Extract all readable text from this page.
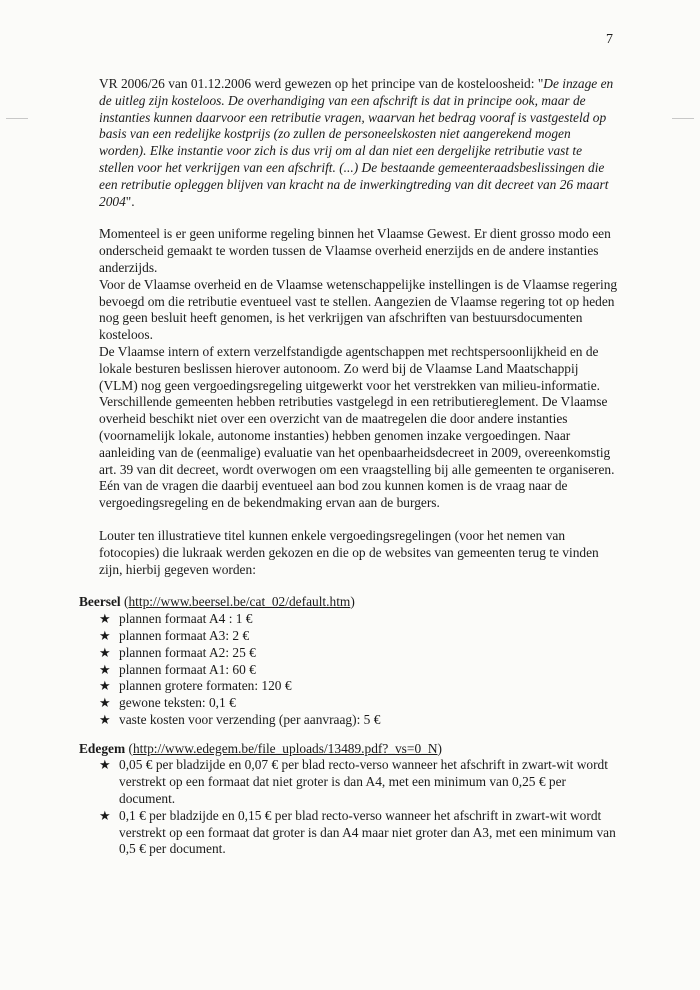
7

VR 2006/26 van 01.12.2006 werd gewezen op het principe van de kosteloosheid: "De inzage en de uitleg zijn kosteloos. De overhandiging van een afschrift is dat in principe ook, maar de instanties kunnen daarvoor een retributie vragen, waarvan het bedrag vooraf is vastgesteld op basis van een redelijke kostprijs (zo zullen de personeelskosten niet aangerekend mogen worden). Elke instantie voor zich is dus vrij om al dan niet een dergelijke retributie vast te stellen voor het verkrijgen van een afschrift. (...) De bestaande gemeenteraadsbeslissingen die een retributie opleggen blijven van kracht na de inwerkingtreding van dit decreet van 26 maart 2004".

Momenteel is er geen uniforme regeling binnen het Vlaamse Gewest. Er dient grosso modo een onderscheid gemaakt te worden tussen de Vlaamse overheid enerzijds en de andere instanties anderzijds.

Voor de Vlaamse overheid en de Vlaamse wetenschappelijke instellingen is de Vlaamse regering bevoegd om die retributie eventueel vast te stellen. Aangezien de Vlaamse regering tot op heden nog geen besluit heeft genomen, is het verkrijgen van afschriften van bestuursdocumenten kosteloos.

De Vlaamse intern of extern verzelfstandigde agentschappen met rechtspersoonlijkheid en de lokale besturen beslissen hierover autonoom. Zo werd bij de Vlaamse Land Maatschappij (VLM) nog geen vergoedingsregeling uitgewerkt voor het verstrekken van milieu-informatie. Verschillende gemeenten hebben retributies vastgelegd in een retributiereglement. De Vlaamse overheid beschikt niet over een overzicht van de maatregelen die door andere instanties (voornamelijk lokale, autonome instanties) hebben genomen inzake vergoedingen. Naar aanleiding van de (eenmalige) evaluatie van het openbaarheidsdecreet in 2009, overeenkomstig art. 39 van dit decreet, wordt overwogen om een vraagstelling bij alle gemeenten te organiseren. Eén van de vragen die daarbij eventueel aan bod zou kunnen komen is de vraag naar de vergoedingsregeling en de bekendmaking ervan aan de burgers.

Louter ten illustratieve titel kunnen enkele vergoedingsregelingen (voor het nemen van fotocopies) die lukraak werden gekozen en die op de websites van gemeenten terug te vinden zijn, hierbij gegeven worden:

Beersel (http://www.beersel.be/cat_02/default.htm)

★ plannen formaat A4 : 1 €
★ plannen formaat A3: 2 €
★ plannen formaat A2: 25 €
★ plannen formaat A1: 60 €
★ plannen grotere formaten: 120 €
★ gewone teksten: 0,1 €
★ vaste kosten voor verzending (per aanvraag): 5 €

Edegem (http://www.edegem.be/file_uploads/13489.pdf?_vs=0_N)

★ 0,05 € per bladzijde en 0,07 € per blad recto-verso wanneer het afschrift in zwart-wit wordt verstrekt op een formaat dat niet groter is dan A4, met een minimum van 0,25 € per document.
★ 0,1 € per bladzijde en 0,15 € per blad recto-verso wanneer het afschrift in zwart-wit wordt verstrekt op een formaat dat groter is dan A4 maar niet groter dan A3, met een minimum van 0,5 € per document.
